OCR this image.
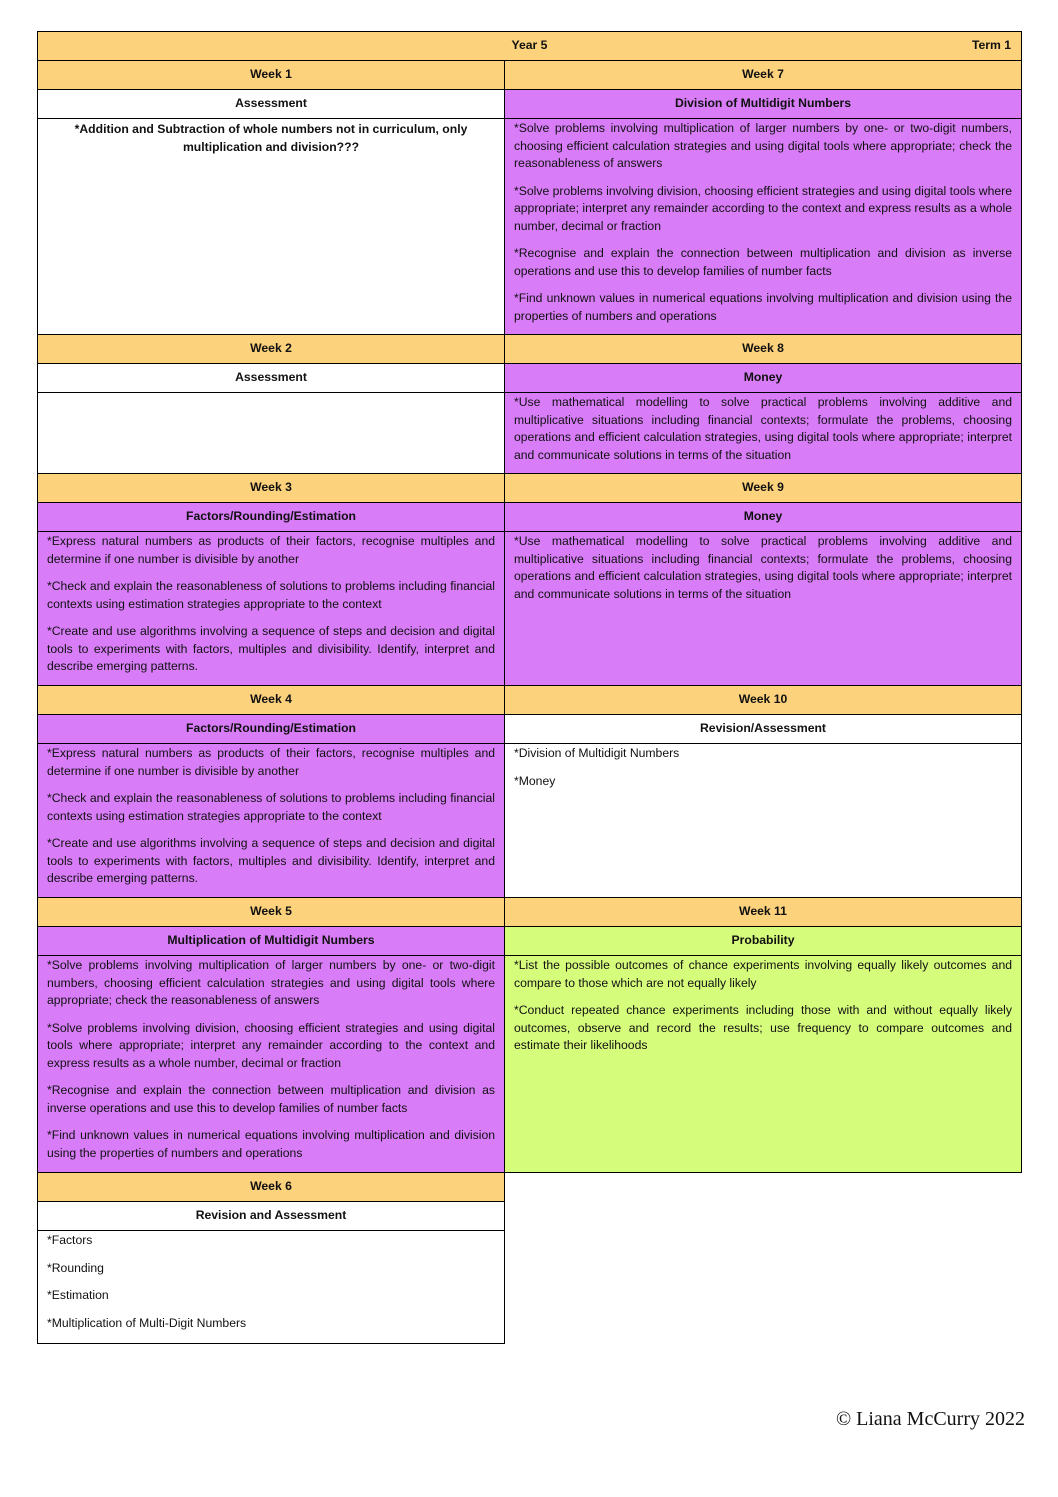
Year 5	Term 1
Week 1
Assessment

*Addition and Subtraction of whole numbers not in curriculum, only multiplication and division???

Week 2
Assessment
Week 3
Factors/Rounding/Estimation

*Express natural numbers as products of their factors, recognise multiples and determine if one number is divisible by another

*Check and explain the reasonableness of solutions to problems including financial contexts using estimation strategies appropriate to the context

*Create and use algorithms involving a sequence of steps and decision and digital tools to experiments with factors, multiples and divisibility. Identify, interpret and describe emerging patterns.

Week 4
Factors/Rounding/Estimation

*Express natural numbers as products of their factors, recognise multiples and determine if one number is divisible by another

*Check and explain the reasonableness of solutions to problems including financial contexts using estimation strategies appropriate to the context

*Create and use algorithms involving a sequence of steps and decision and digital tools to experiments with factors, multiples and divisibility. Identify, interpret and describe emerging patterns.

Week 5
Multiplication of Multidigit Numbers

*Solve problems involving multiplication of larger numbers by one- or two-digit numbers, choosing efficient calculation strategies and using digital tools where appropriate; check the reasonableness of answers

*Solve problems involving division, choosing efficient strategies and using digital tools where appropriate; interpret any remainder according to the context and express results as a whole number, decimal or fraction

*Recognise and explain the connection between multiplication and division as inverse operations and use this to develop families of number facts

*Find unknown values in numerical equations involving multiplication and division using the properties of numbers and operations

Week 6
Revision and Assessment

*Factors

*Rounding

*Estimation

*Multiplication of Multi-Digit Numbers

Week 7
Division of Multidigit Numbers

*Solve problems involving multiplication of larger numbers by one- or two-digit numbers, choosing efficient calculation strategies and using digital tools where appropriate; check the reasonableness of answers

*Solve problems involving division, choosing efficient strategies and using digital tools where appropriate; interpret any remainder according to the context and express results as a whole number, decimal or fraction

*Recognise and explain the connection between multiplication and division as inverse operations and use this to develop families of number facts

*Find unknown values in numerical equations involving multiplication and division using the properties of numbers and operations

Week 8
Money

*Use mathematical modelling to solve practical problems involving additive and multiplicative situations including financial contexts; formulate the problems, choosing operations and efficient calculation strategies, using digital tools where appropriate; interpret and communicate solutions in terms of the situation

Week 9
Money

*Use mathematical modelling to solve practical problems involving additive and multiplicative situations including financial contexts; formulate the problems, choosing operations and efficient calculation strategies, using digital tools where appropriate; interpret and communicate solutions in terms of the situation

Week 10
Revision/Assessment

*Division of Multidigit Numbers

*Money

Week 11
Probability

*List the possible outcomes of chance experiments involving equally likely outcomes and compare to those which are not equally likely

*Conduct repeated chance experiments including those with and without equally likely outcomes, observe and record the results; use frequency to compare outcomes and estimate their likelihoods

© Liana McCurry 2022
